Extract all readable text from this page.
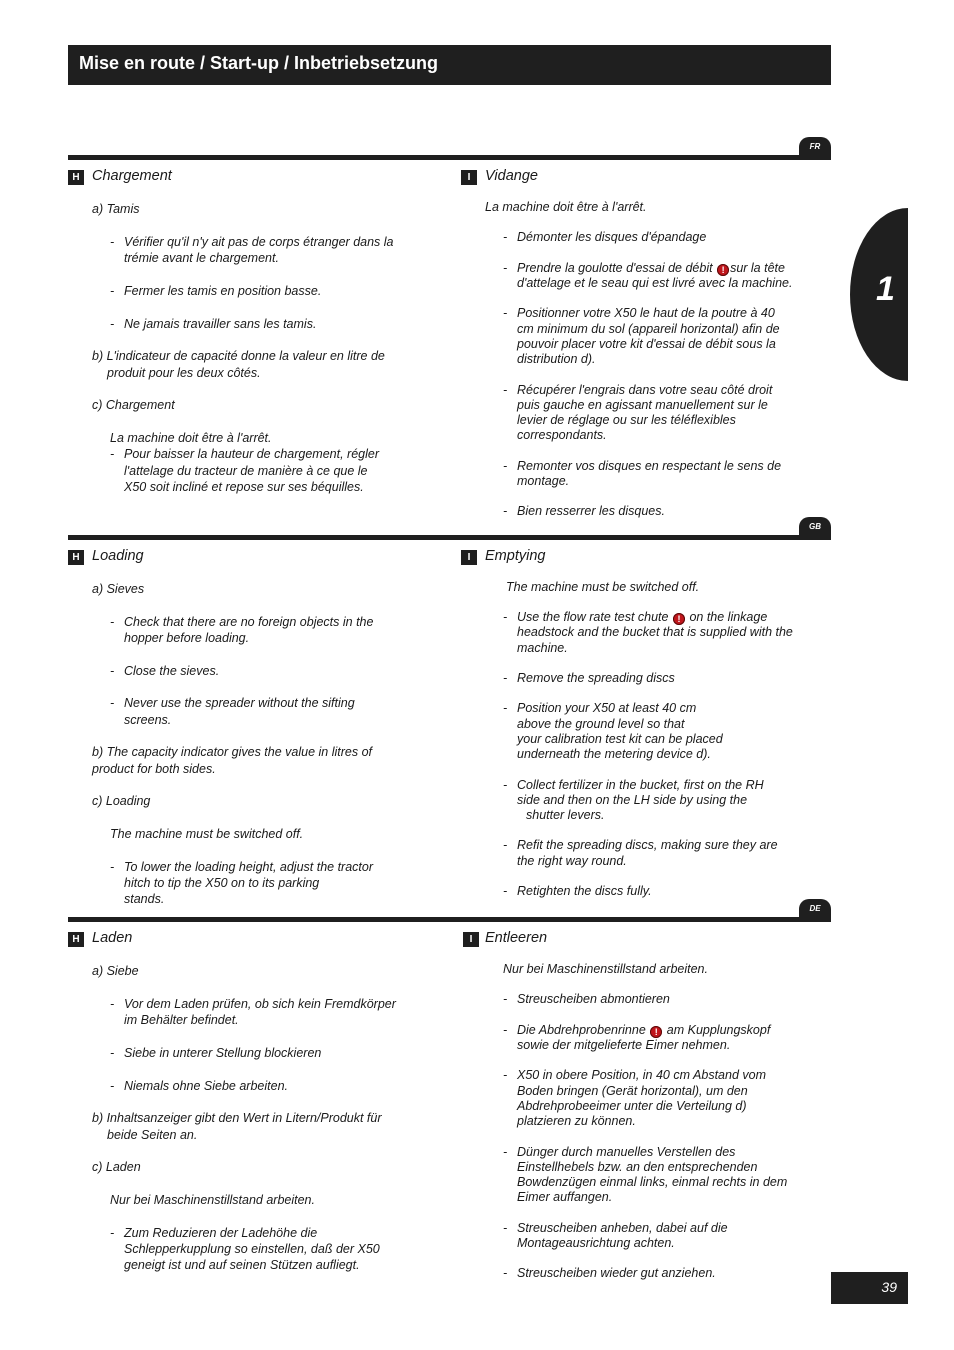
Mise en route / Start-up / Inbetriebsetzung
1
FR
H Chargement
a) Tamis
- Vérifier qu'il n'y ait pas de corps étranger dans la
trémie avant le chargement.
- Fermer les tamis en position basse.
- Ne jamais travailler sans les tamis.
b) L'indicateur de capacité donne la valeur en litre de
produit pour les deux côtés.
c) Chargement
La machine doit être à l'arrêt.
- Pour baisser la hauteur de chargement, régler
l'attelage du tracteur de manière à ce que le
X50 soit incliné et repose sur ses béquilles.
I	Vidange
La machine doit être à l'arrêt.
- Démonter les disques d'épandage
- Prendre la goulotte d'essai de débit ! sur la tête
d'attelage et le seau qui est livré avec la machine.
- Positionner votre X50 le haut de la poutre à 40
cm minimum du sol (appareil horizontal) afin de
pouvoir placer votre kit d'essai de débit sous la
distribution d).
- Récupérer l'engrais dans votre seau côté droit
puis gauche en agissant manuellement sur le
levier de réglage ou sur les téléflexibles
correspondants.
- Remonter vos disques en respectant le sens de
montage.
- Bien resserrer les disques.
GB
H Loading
a) Sieves
- Check that there are no foreign objects in the
hopper before loading.
- Close the sieves.
- Never use the spreader without the sifting
screens.
b) The capacity indicator gives the value in litres of
product for both sides.
c) Loading
The machine must be switched off.
- To lower the loading height, adjust the tractor
hitch to tip the X50 on to its parking
stands.
I	Emptying
The machine must be switched off.
- Use the flow rate test chute ! on the linkage
headstock and the bucket that is supplied with the
machine.
- Remove the spreading discs
- Position your X50 at least 40 cm
above the ground level so that
your calibration test kit can be placed
underneath the metering device d).
- Collect fertilizer in the bucket, first on the RH
side and then on the LH side by using the
shutter levers.
- Refit the spreading discs, making sure they are
the right way round.
- Retighten the discs fully.
DE
H Laden
a) Siebe
- Vor dem Laden prüfen, ob sich kein Fremdkörper
im Behälter befindet.
- Siebe in unterer Stellung blockieren
- Niemals ohne Siebe arbeiten.
b) Inhaltsanzeiger gibt den Wert in Litern/Produkt für
beide Seiten an.
c) Laden
Nur bei Maschinenstillstand arbeiten.
- Zum Reduzieren der Ladehöhe die
Schlepperkupplung so einstellen, daß der X50
geneigt ist und auf seinen Stützen aufliegt.
I Entleeren
Nur bei Maschinenstillstand arbeiten.
- Streuscheiben abmontieren
- Die Abdrehprobenrinne ! am Kupplungskopf
sowie der mitgelieferte Eimer nehmen.
- X50 in obere Position, in 40 cm Abstand vom
Boden bringen (Gerät horizontal), um den
Abdrehprobeeimer unter die Verteilung d)
platzieren zu können.
- Dünger durch manuelles Verstellen des
Einstellhebels bzw. an den entsprechenden
Bowdenzügen einmal links, einmal rechts in dem
Eimer auffangen.
- Streuscheiben anheben, dabei auf die
Montageausrichtung achten.
- Streuscheiben wieder gut anziehen.
39
